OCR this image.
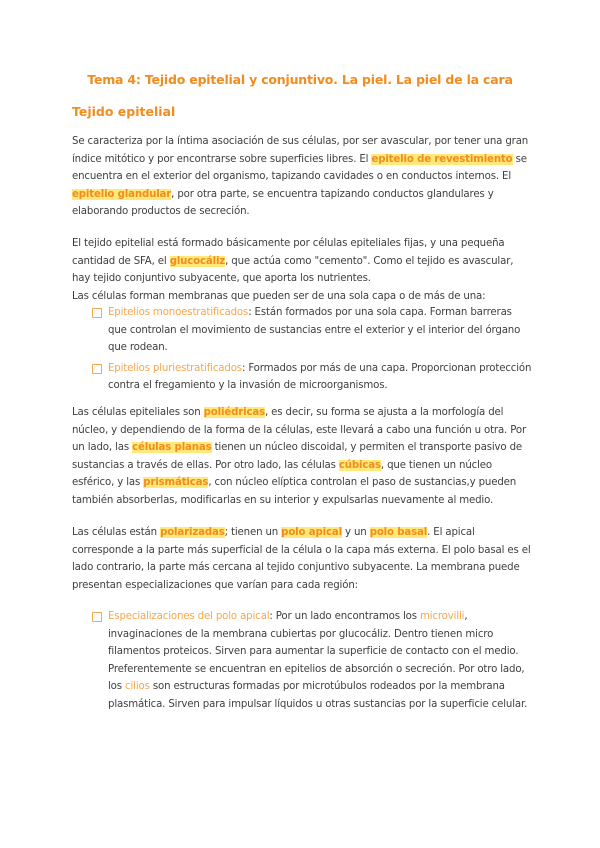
Tema 4: Tejido epitelial y conjuntivo. La piel. La piel de la cara
Tejido epitelial
Se caracteriza por la íntima asociación de sus células, por ser avascular, por tener una gran índice mitótico y por encontrarse sobre superficies libres. El epitelio de revestimiento se encuentra en el exterior del organismo, tapizando cavidades o en conductos internos. El epitelio glandular, por otra parte, se encuentra tapizando conductos glandulares y elaborando productos de secreción.
El tejido epitelial está formado básicamente por células epiteliales fijas, y una pequeña cantidad de SFA, el glucocáliz, que actúa como "cemento". Como el tejido es avascular, hay tejido conjuntivo subyacente, que aporta los nutrientes.
Las células forman membranas que pueden ser de una sola capa o de más de una:
Epitelios monoestratificados: Están formados por una sola capa. Forman barreras que controlan el movimiento de sustancias entre el exterior y el interior del órgano que rodean.
Epitelios pluriestratificados: Formados por más de una capa. Proporcionan protección contra el fregamiento y la invasión de microorganismos.
Las células epiteliales son poliédricas, es decir, su forma se ajusta a la morfología del núcleo, y dependiendo de la forma de la células, este llevará a cabo una función u otra. Por un lado, las células planas tienen un núcleo discoidal, y permiten el transporte pasivo de sustancias a través de ellas. Por otro lado, las células cúbicas, que tienen un núcleo esférico, y las prismáticas, con núcleo elíptica controlan el paso de sustancias,y pueden también absorberlas, modificarlas en su interior y expulsarlas nuevamente al medio.
Las células están polarizadas; tienen un polo apical y un polo basal. El apical corresponde a la parte más superficial de la célula o la capa más externa. El polo basal es el lado contrario, la parte más cercana al tejido conjuntivo subyacente. La membrana puede presentan especializaciones que varían para cada región:
Especializaciones del polo apical: Por un lado encontramos los microvilli, invaginaciones de la membrana cubiertas por glucocáliz. Dentro tienen micro filamentos proteicos. Sirven para aumentar la superficie de contacto con el medio. Preferentemente se encuentran en epitelios de absorción o secreción. Por otro lado, los cilios son estructuras formadas por microtúbulos rodeados por la membrana plasmática. Sirven para impulsar líquidos u otras sustancias por la superficie celular.
